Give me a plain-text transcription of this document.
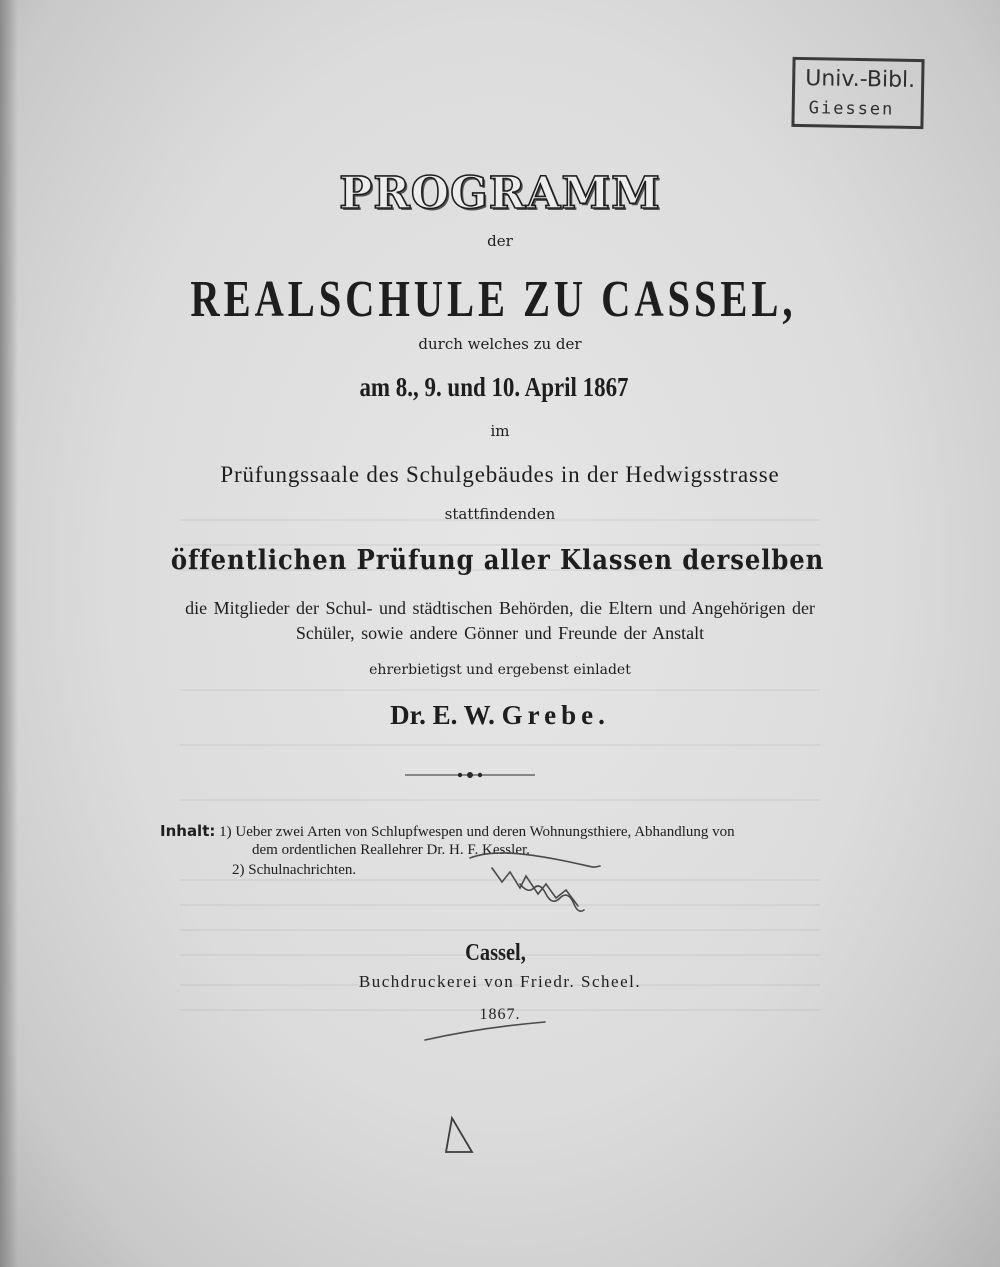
Univ.-Bibl.
Giessen
PROGRAMM
der
REALSCHULE ZU CASSEL,
durch welches zu der
am 8., 9. und 10. April 1867
im
Prüfungssaale des Schulgebäudes in der Hedwigsstrasse
stattfindenden
öffentlichen Prüfung aller Klassen derselben
die Mitglieder der Schul- und städtischen Behörden, die Eltern und Angehörigen der
Schüler, sowie andere Gönner und Freunde der Anstalt
ehrerbietigst und ergebenst einladet
Dr. E. W. Grebe.
Inhalt: 1) Ueber zwei Arten von Schlupfwespen und deren Wohnungsthiere, Abhandlung von
dem ordentlichen Reallehrer Dr. H. F. Kessler.
2) Schulnachrichten.
Cassel,
Buchdruckerei von Friedr. Scheel.
1867.
